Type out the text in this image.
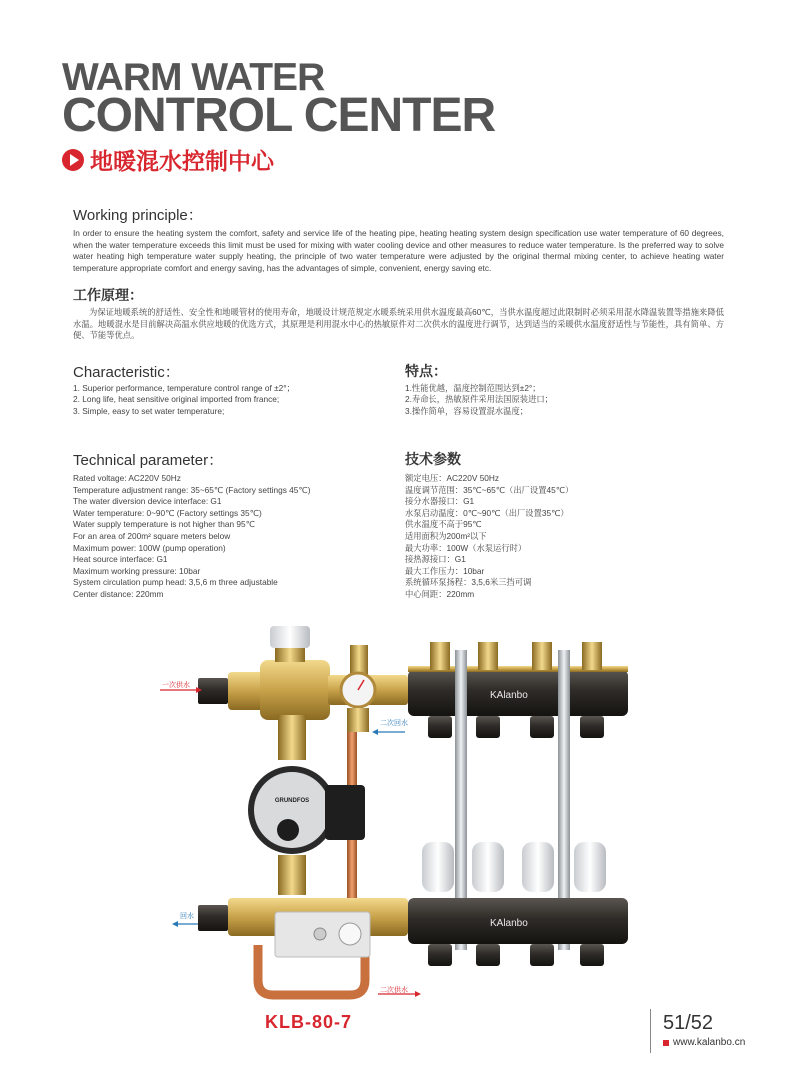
WARM WATER
CONTROL CENTER
地暖混水控制中心
Working principle：
In order to ensure the heating system the comfort, safety and service life of the heating pipe, heating heating system design specification use water temperature of 60 degrees, when the water temperature exceeds this limit must be used for mixing with water cooling device and other measures to reduce water temperature. Is the preferred way to solve water heating high temperature water supply heating, the principle of two water temperature were adjusted by the original thermal mixing center, to achieve heating water temperature appropriate comfort and energy saving, has the advantages of simple, convenient, energy saving etc.
工作原理：
为保证地暖系统的舒适性、安全性和地暖管材的使用寿命，地暖设计规范规定水暖系统采用供水温度最高60℃，当供水温度超过此限制时必须采用混水降温装置等措施来降低水温。地暖混水是目前解决高温水供应地暖的优选方式，其原理是利用混水中心的热敏原件对二次供水的温度进行调节，达到适当的采暖供水温度舒适性与节能性，具有简单、方便、节能等优点。
Characteristic：
1. Superior performance, temperature control range of ±2°；
2. Long life, heat sensitive original imported from france;
3. Simple, easy to set water temperature;
特点：
1.性能优越，温度控制范围达到±2°；
2.寿命长，热敏原件采用法国原装进口；
3.操作简单，容易设置混水温度；
Technical parameter：
Rated voltage: AC220V 50Hz
Temperature adjustment range: 35~65℃ (Factory settings 45℃)
The water diversion device interface: G1
Water temperature: 0~90℃ (Factory settings 35℃)
Water supply temperature is not higher than 95℃
For an area of 200m² square meters below
Maximum power: 100W (pump operation)
Heat source interface: G1
Maximum working pressure: 10bar
System circulation pump head: 3,5,6 m three adjustable
Center distance: 220mm
技术参数
额定电压：AC220V 50Hz
温度调节范围：35℃~65℃（出厂设置45℃）
接分水器接口：G1
水泵启动温度：0℃~90℃（出厂设置35℃）
供水温度不高于95℃
适用面积为200m²以下
最大功率：100W（水泵运行时）
接热源接口：G1
最大工作压力：10bar
系统循环泵扬程：3,5,6米三挡可调
中心间距：220mm
GRUNDFOS
KAlanbo
KAlanbo
一次供水
二次回水
回水
二次供水
KLB-80-7	51/52
www.kalanbo.cn
